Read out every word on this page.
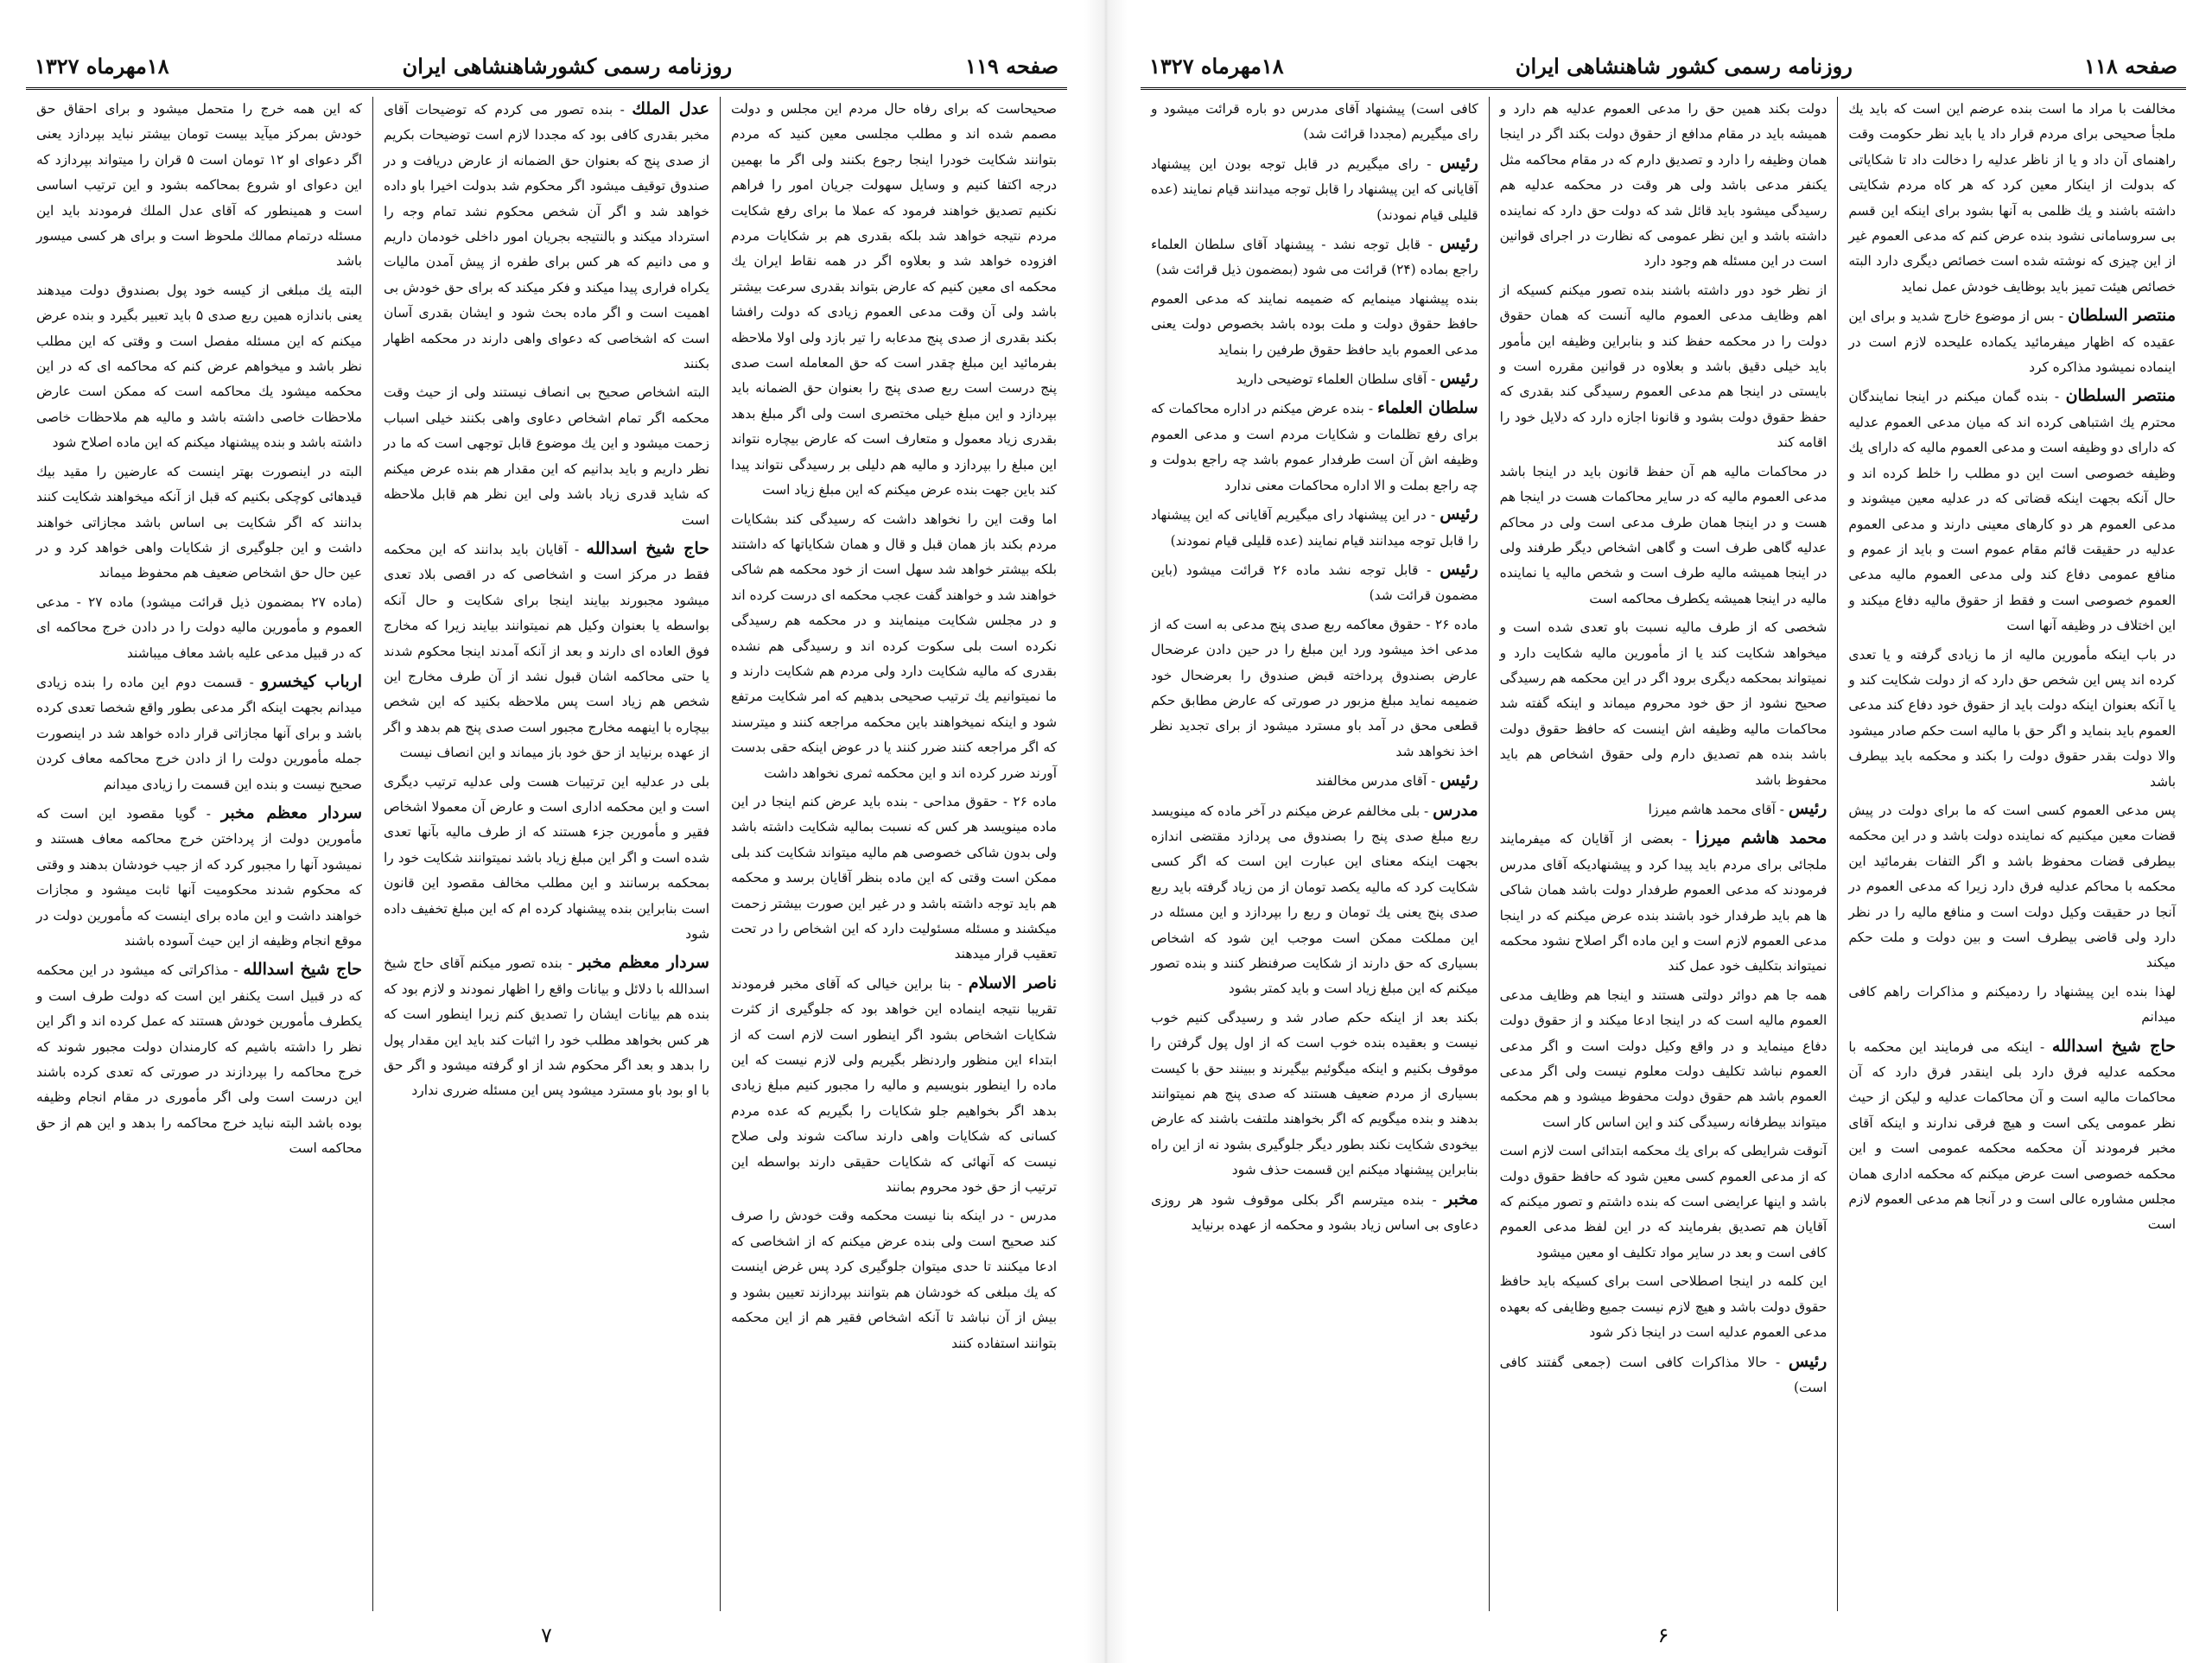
صفحه ۱۱۹
روزنامه رسمی کشورشاهنشاهی ایران
۱۸مهرماه ۱۳۲۷

صحیحاست که برای رفاه حال مردم این مجلس و دولت مصمم شده اند و مطلب مجلسی معین کنید که مردم بتوانند شکایت خودرا اینجا رجوع بکنند ولی اگر ما بهمین درجه اکتفا کنیم و وسایل سهولت جریان امور را فراهم نکنیم تصدیق خواهند فرمود که عملا ما برای رفع شکایت مردم نتیجه خواهد شد بلکه بقدری هم بر شکایات مردم افزوده خواهد شد و بعلاوه اگر در همه نقاط ایران یك محکمه ای معین کنیم که عارض بتواند بقدری سرعت بیشتر باشد ولی آن وقت مدعی العموم زیادی که دولت رافشا بکند بقدری از صدی پنج مدعابه را تیر بازد ولی اولا ملاحظه بفرمائید این مبلغ چقدر است که حق المعامله است صدی پنج درست است ربع صدی پنج را بعنوان حق الضمانه باید بپردازد و این مبلغ خیلی مختصری است ولی اگر مبلغ بدهد بقدری زیاد معمول و متعارف است که عارض بیچاره نتواند این مبلغ را بپردازد و مالیه هم دلیلی بر رسیدگی نتواند پیدا کند باین جهت بنده عرض میکنم که این مبلغ زیاد است

اما وقت این را نخواهد داشت که رسیدگی کند بشکایات مردم بکند باز همان قبل و قال و همان شکایاتها که داشتند بلکه بیشتر خواهد شد سهل است از خود محکمه هم شاکی خواهند شد و خواهند گفت عجب محکمه ای درست کرده اند و در مجلس شکایت مینمایند و در محکمه هم رسیدگی نکرده است بلی سکوت کرده اند و رسیدگی هم نشده بقدری که مالیه شکایت دارد ولی مردم هم شکایت دارند و ما نمیتوانیم یك ترتیب صحیحی بدهیم که امر شکایت مرتفع شود و اینکه نمیخواهند باین محکمه مراجعه کنند و میترسند که اگر مراجعه کنند ضرر کنند یا در عوض اینکه حقی بدست آورند ضرر کرده اند و این محکمه ثمری نخواهد داشت

ماده ۲۶ - حقوق مداحی - بنده باید عرض کنم اینجا در این ماده مینویسد هر کس که نسبت بمالیه شکایت داشته باشد ولی بدون شاکی خصوصی هم مالیه میتواند شکایت کند بلی ممکن است وقتی که این ماده بنظر آقایان برسد و محکمه هم باید توجه داشته باشد و در غیر این صورت بیشتر زحمت میکشند و مسئله مسئولیت دارد که این اشخاص را در تحت تعقیب قرار میدهند

ناصر الاسلام - بنا براین خیالی که آقای مخبر فرمودند تقریبا نتیجه اینماده این خواهد بود که جلوگیری از کثرت شکایات اشخاص بشود اگر اینطور است لازم است که از ابتداء این منظور واردنظر بگیریم ولی لازم نیست که این ماده را اینطور بنویسیم و مالیه را مجبور کنیم مبلغ زیادی بدهد اگر بخواهیم جلو شکایات را بگیریم که عده مردم کسانی که شکایات واهی دارند ساکت شوند ولی صلاح نیست که آنهائی که شکایات حقیقی دارند بواسطه این ترتیب از حق خود محروم بمانند

مدرس - در اینکه بنا نیست محکمه وقت خودش را صرف کند صحیح است ولی بنده عرض میکنم که از اشخاصی که ادعا میکنند تا حدی میتوان جلوگیری کرد پس غرض اینست که یك مبلغی که خودشان هم بتوانند بپردازند تعیین بشود و بیش از آن نباشد تا آنکه اشخاص فقیر هم از این محکمه بتوانند استفاده کنند

عدل الملك - بنده تصور می کردم که توضیحات آقای مخبر بقدری کافی بود که مجددا لازم است توضیحات بکریم از صدی پنج که بعنوان حق الضمانه از عارض دریافت و در صندوق توقیف میشود اگر محکوم شد بدولت اخیرا باو داده خواهد شد و اگر آن شخص محکوم نشد تمام وجه را استرداد میکند و بالنتیجه بجریان امور داخلی خودمان داریم و می دانیم که هر کس برای طفره از پیش آمدن مالیات یکراه فراری پیدا میکند و فکر میکند که برای حق خودش بی اهمیت است و اگر ماده بحث شود و ایشان بقدری آسان است که اشخاصی که دعوای واهی دارند در محکمه اظهار بکنند

البته اشخاص صحیح بی انصاف نیستند ولی از حیث وقت محکمه اگر تمام اشخاص دعاوی واهی بکنند خیلی اسباب زحمت میشود و این یك موضوع قابل توجهی است که ما در نظر داریم و باید بدانیم که این مقدار هم بنده عرض میکنم که شاید قدری زیاد باشد ولی این نظر هم قابل ملاحظه است

حاج شیخ اسدالله - آقایان باید بدانند که این محکمه فقط در مرکز است و اشخاصی که در اقصی بلاد تعدی میشود مجبورند بیایند اینجا برای شکایت و حال آنکه بواسطه یا بعنوان وکیل هم نمیتوانند بیایند زیرا که مخارج فوق العاده ای دارند و بعد از آنکه آمدند اینجا محکوم شدند یا حتی محاکمه اشان قبول نشد از آن طرف مخارج این شخص هم زیاد است پس ملاحظه بکنید که این شخص بیچاره با اینهمه مخارج مجبور است صدی پنج هم بدهد و اگر از عهده برنیاید از حق خود باز میماند و این انصاف نیست

بلی در عدلیه این ترتیبات هست ولی عدلیه ترتیب دیگری است و این محکمه اداری است و عارض آن معمولا اشخاص فقیر و مأمورین جزء هستند که از طرف مالیه بآنها تعدی شده است و اگر این مبلغ زیاد باشد نمیتوانند شکایت خود را بمحکمه برسانند و این مطلب مخالف مقصود این قانون است بنابراین بنده پیشنهاد کرده ام که این مبلغ تخفیف داده شود

سردار معظم مخبر - بنده تصور میکنم آقای حاج شیخ اسدالله با دلائل و بیانات واقع را اظهار نمودند و لازم بود که بنده هم بیانات ایشان را تصدیق کنم زیرا اینطور است که هر کس بخواهد مطلب خود را اثبات کند باید این مقدار پول را بدهد و بعد اگر محکوم شد از او گرفته میشود و اگر حق با او بود باو مسترد میشود پس این مسئله ضرری ندارد

که این همه خرج را متحمل میشود و برای احقاق حق خودش بمرکز میآید بیست تومان بیشتر نباید بپردازد یعنی اگر دعوای او ۱۲ تومان است ۵ قران را میتواند بپردازد که این دعوای او شروع بمحاکمه بشود و این ترتیب اساسی است و همینطور که آقای عدل الملك فرمودند باید این مسئله درتمام ممالك ملحوظ است و برای هر کسی میسور باشد

البته یك مبلغی از کیسه خود پول بصندوق دولت میدهند یعنی باندازه همین ربع صدی ۵ باید تعبیر بگیرد و بنده عرض میکنم که این مسئله مفصل است و وقتی که این مطلب نظر باشد و میخواهم عرض کنم که محاکمه ای که در این محکمه میشود یك محاکمه است که ممکن است عارض ملاحظات خاصی داشته باشد و مالیه هم ملاحظات خاصی داشته باشد و بنده پیشنهاد میکنم که این ماده اصلاح شود

البته در اینصورت بهتر اینست که عارضین را مقید بیك قیدهائی کوچکی بکنیم که قبل از آنکه میخواهند شکایت کنند بدانند که اگر شکایت بی اساس باشد مجازاتی خواهند داشت و این جلوگیری از شکایات واهی خواهد کرد و در عین حال حق اشخاص ضعیف هم محفوظ میماند

(ماده ۲۷ بمضمون ذیل قرائت میشود) ماده ۲۷ - مدعی العموم و مأمورین مالیه دولت را در دادن خرج محاکمه ای که در قبیل مدعی علیه باشد معاف میباشند

ارباب کیخسرو - قسمت دوم این ماده را بنده زیادی میدانم بجهت اینکه اگر مدعی بطور واقع شخصا تعدی کرده باشد و برای آنها مجازاتی قرار داده خواهد شد در اینصورت جمله مأمورین دولت را از دادن خرج محاکمه معاف کردن صحیح نیست و بنده این قسمت را زیادی میدانم

سردار معظم مخبر - گویا مقصود این است که مأمورین دولت از پرداختن خرج محاکمه معاف هستند و نمیشود آنها را مجبور کرد که از جیب خودشان بدهند و وقتی که محکوم شدند محکومیت آنها ثابت میشود و مجازات خواهند داشت و این ماده برای اینست که مأمورین دولت در موقع انجام وظیفه از این حیث آسوده باشند

حاج شیخ اسدالله - مذاکراتی که میشود در این محکمه که در قبیل است یکنفر این است که دولت طرف است و یکطرف مأمورین خودش هستند که عمل کرده اند و اگر این نظر را داشته باشیم که کارمندان دولت مجبور شوند که خرج محاکمه را بپردازند در صورتی که تعدی کرده باشند این درست است ولی اگر مأموری در مقام انجام وظیفه بوده باشد البته نباید خرج محاکمه را بدهد و این هم از حق محاکمه است

۷
صفحه ۱۱۸
روزنامه رسمی کشور شاهنشاهی ایران
۱۸مهرماه ۱۳۲۷

مخالفت با مراد ما است بنده عرضم این است که باید یك ملجأ صحیحی برای مردم قرار داد یا باید نظر حکومت وقت راهنمای آن داد و یا از ناظر عدلیه را دخالت داد تا شکایاتی که بدولت از اینکار معین کرد که هر کاه مردم شکایتی داشته باشند و یك ظلمی به آنها بشود برای اینکه این قسم بی سروسامانی نشود بنده عرض کنم که مدعی العموم غیر از این چیزی که نوشته شده است خصائص دیگری دارد البته خصائص هیئت تمیز باید بوظایف خودش عمل نماید

منتصر السلطان - بس از موضوع خارج شدید و برای این عقیده که اظهار میفرمائید یکماده علیحده لازم است در اینماده نمیشود مذاکره کرد

منتصر السلطان - بنده گمان میکنم در اینجا نمایندگان محترم یك اشتباهی کرده اند که میان مدعی العموم عدلیه که دارای دو وظیفه است و مدعی العموم مالیه که دارای یك وظیفه خصوصی است این دو مطلب را خلط کرده اند و حال آنکه بجهت اینکه قضاتی که در عدلیه معین میشوند و مدعی العموم هر دو کارهای معینی دارند و مدعی العموم عدلیه در حقیقت قائم مقام عموم است و باید از عموم و منافع عمومی دفاع کند ولی مدعی العموم مالیه مدعی العموم خصوصی است و فقط از حقوق مالیه دفاع میکند و این اختلاف در وظیفه آنها است

در باب اینکه مأمورین مالیه از ما زیادی گرفته و یا تعدی کرده اند پس این شخص حق دارد که از دولت شکایت کند و یا آنکه بعنوان اینکه دولت باید از حقوق خود دفاع کند مدعی العموم باید بنماید و اگر حق با مالیه است حکم صادر میشود والا دولت بقدر حقوق دولت را بکند و محکمه باید بیطرف باشد

پس مدعی العموم کسی است که ما برای دولت در پیش قضات معین میکنیم که نماینده دولت باشد و در این محکمه بیطرفی قضات محفوظ باشد و اگر التفات بفرمائید این محکمه با محاکم عدلیه فرق دارد زیرا که مدعی العموم در آنجا در حقیقت وکیل دولت است و منافع مالیه را در نظر دارد ولی قاضی بیطرف است و بین دولت و ملت حکم میکند

لهذا بنده این پیشنهاد را ردمیکنم و مذاکرات راهم کافی میدانم

حاج شیخ اسدالله - اینکه می فرمایند این محکمه با محکمه عدلیه فرق دارد بلی اینقدر فرق دارد که آن محاکمات مالیه است و آن محاکمات عدلیه و لیکن از حیث نظر عمومی یکی است و هیچ فرقی ندارند و اینکه آقای مخبر فرمودند آن محکمه محکمه عمومی است و این محکمه خصوصی است عرض میکنم که محکمه اداری همان مجلس مشاوره عالی است و در آنجا هم مدعی العموم لازم است

دولت بکند همین حق را مدعی العموم عدلیه هم دارد و همیشه باید در مقام مدافع از حقوق دولت بکند اگر در اینجا همان وظیفه را دارد و تصدیق دارم که در مقام محاکمه مثل یکنفر مدعی باشد ولی هر وقت در محکمه عدلیه هم رسیدگی میشود باید قائل شد که دولت حق دارد که نماینده داشته باشد و این نظر عمومی که نظارت در اجرای قوانین است در این مسئله هم وجود دارد

از نظر خود دور داشته باشند بنده تصور میکنم کسیکه از اهم وظایف مدعی العموم مالیه آنست که همان حقوق دولت را در محکمه حفظ کند و بنابراین وظیفه این مأمور باید خیلی دقیق باشد و بعلاوه در قوانین مقرره است و بایستی در اینجا هم مدعی العموم رسیدگی کند بقدری که حفظ حقوق دولت بشود و قانونا اجازه دارد که دلایل خود را اقامه کند

در محاکمات مالیه هم آن حفظ قانون باید در اینجا باشد مدعی العموم مالیه که در سایر محاکمات هست در اینجا هم هست و در اینجا همان طرف مدعی است ولی در محاکم عدلیه گاهی طرف است و گاهی اشخاص دیگر طرفند ولی در اینجا همیشه مالیه طرف است و شخص مالیه یا نماینده مالیه در اینجا همیشه یکطرف محاکمه است

شخصی که از طرف مالیه نسبت باو تعدی شده است و میخواهد شکایت کند یا از مأمورین مالیه شکایت دارد و نمیتواند بمحکمه دیگری برود اگر در این محکمه هم رسیدگی صحیح نشود از حق خود محروم میماند و اینکه گفته شد محاکمات مالیه وظیفه اش اینست که حافظ حقوق دولت باشد بنده هم تصدیق دارم ولی حقوق اشخاص هم باید محفوظ باشد

رئیس - آقای محمد هاشم میرزا

محمد هاشم میرزا - بعضی از آقایان که میفرمایند ملجائی برای مردم باید پیدا کرد و پیشنهادیکه آقای مدرس فرمودند که مدعی العموم طرفدار دولت باشد همان شاکی ها هم باید طرفدار خود باشند بنده عرض میکنم که در اینجا مدعی العموم لازم است و این ماده اگر اصلاح نشود محکمه نمیتواند بتکلیف خود عمل کند

همه جا هم دوائر دولتی هستند و اینجا هم وظایف مدعی العموم مالیه است که در اینجا ادعا میکند و از حقوق دولت دفاع مینماید و در واقع وکیل دولت است و اگر مدعی العموم نباشد تکلیف دولت معلوم نیست ولی اگر مدعی العموم باشد هم حقوق دولت محفوظ میشود و هم محکمه میتواند بیطرفانه رسیدگی کند و این اساس کار است

آنوقت شرایطی که برای یك محکمه ابتدائی است لازم است که از مدعی العموم کسی معین شود که حافظ حقوق دولت باشد و اینها عرایضی است که بنده داشتم و تصور میکنم که آقایان هم تصدیق بفرمایند که در این لفظ مدعی العموم کافی است و بعد در سایر مواد تکلیف او معین میشود

این کلمه در اینجا اصطلاحی است برای کسیکه باید حافظ حقوق دولت باشد و هیچ لازم نیست جمیع وظایفی که بعهده مدعی العموم عدلیه است در اینجا ذکر شود

رئیس - حالا مذاکرات کافی است (جمعی گفتند کافی است)

کافی است) پیشنهاد آقای مدرس دو باره قرائت میشود و رای میگیریم (مجددا قرائت شد)

رئیس - رای میگیریم در قابل توجه بودن این پیشنهاد آقایانی که این پیشنهاد را قابل توجه میدانند قیام نمایند (عده قلیلی قیام نمودند)

رئیس - قابل توجه نشد - پیشنهاد آقای سلطان العلماء راجع بماده (۲۴) قرائت می شود (بمضمون ذیل قرائت شد)

بنده پیشنهاد مینمایم که ضمیمه نمایند که مدعی العموم حافظ حقوق دولت و ملت بوده باشد بخصوص دولت یعنی مدعی العموم باید حافظ حقوق طرفین را بنماید

رئیس - آقای سلطان العلماء توضیحی دارید

سلطان العلماء - بنده عرض میکنم در اداره محاکمات که برای رفع تظلمات و شکایات مردم است و مدعی العموم وظیفه اش آن است طرفدار عموم باشد چه راجع بدولت و چه راجع بملت و الا اداره محاکمات معنی ندارد

رئیس - در این پیشنهاد رای میگیریم آقایانی که این پیشنهاد را قابل توجه میدانند قیام نمایند (عده قلیلی قیام نمودند)

رئیس - قابل توجه نشد ماده ۲۶ قرائت میشود (باین مضمون قرائت شد)

ماده ۲۶ - حقوق معاکمه ربع صدی پنج مدعی به است که از مدعی اخذ میشود ورد این مبلغ را در حین دادن عرضحال عارض بصندوق پرداخته قبض صندوق را بعرضحال خود ضمیمه نماید مبلغ مزبور در صورتی که عارض مطابق حکم قطعی محق در آمد باو مسترد میشود از برای تجدید نظر اخذ نخواهد شد

رئیس - آقای مدرس مخالفند

مدرس - بلی مخالفم عرض میکنم در آخر ماده که مینویسد ربع مبلغ صدی پنج را بصندوق می پردازد مقتضی اندازه بجهت اینکه معنای این عبارت این است که اگر کسی شکایت کرد که مالیه یکصد تومان از من زیاد گرفته باید ربع صدی پنج یعنی یك تومان و ربع را بپردازد و این مسئله در این مملکت ممکن است موجب این شود که اشخاص بسیاری که حق دارند از شکایت صرفنظر کنند و بنده تصور میکنم که این مبلغ زیاد است و باید کمتر بشود

بکند بعد از اینکه حکم صادر شد و رسیدگی کنیم خوب نیست و بعقیده بنده خوب است که از اول پول گرفتن را موقوف بکنیم و اینکه میگوئیم بیگیرند و ببینند حق با کیست بسیاری از مردم ضعیف هستند که صدی پنج هم نمیتوانند بدهند و بنده میگویم که اگر بخواهند ملتفت باشند که عارض بیخودی شکایت نکند بطور دیگر جلوگیری بشود نه از این راه بنابراین پیشنهاد میکنم این قسمت حذف شود

مخبر - بنده میترسم اگر بکلی موقوف شود هر روزی دعاوی بی اساس زیاد بشود و محکمه از عهده برنیاید

۶
